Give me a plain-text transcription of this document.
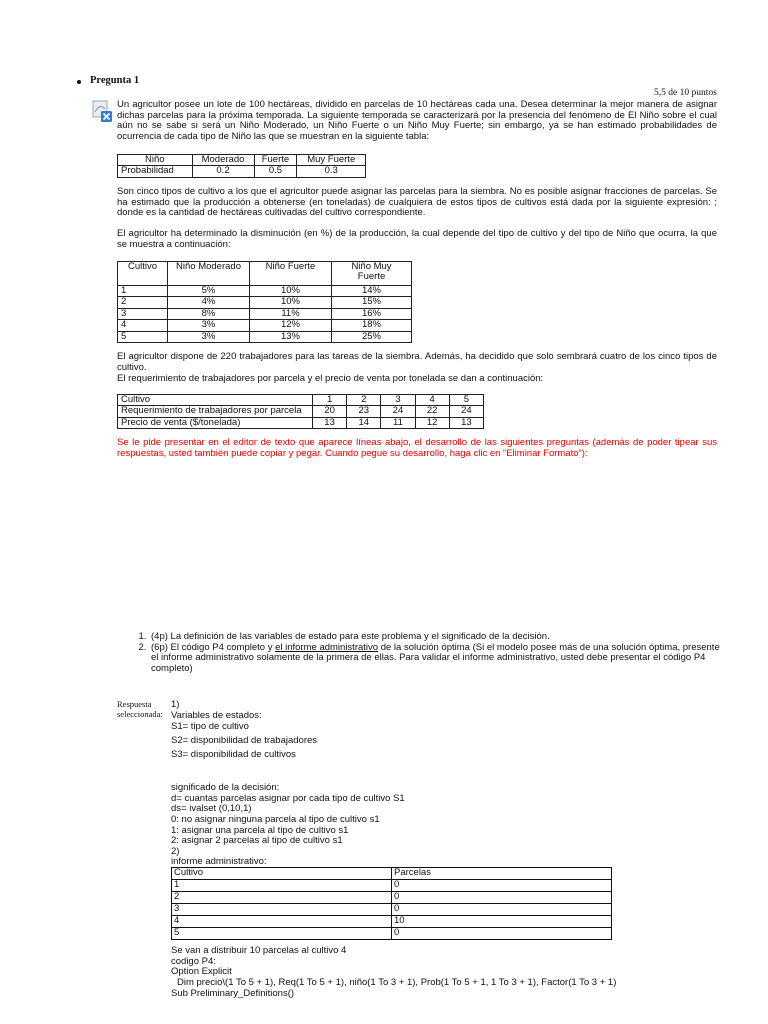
Pregunta 1
5,5 de 10 puntos

Un agricultor posee un lote de 100 hectáreas, dividido en parcelas de 10 hectáreas cada una. Desea determinar la mejor manera de asignar dichas parcelas para la próxima temporada. La siguiente temporada se caracterizará por la presencia del fenómeno de El Niño sobre el cual aún no se sabe si será un Niño Moderado, un Niño Fuerte o un Niño Muy Fuerte; sin embargo, ya se han estimado probabilidades de ocurrencia de cada tipo de Niño las que se muestran en la siguiente tabla:

Niño	Moderado	Fuerte	Muy Fuerte
Probabilidad	0.2	0.5	0.3

Son cinco tipos de cultivo a los que el agricultor puede asignar las parcelas para la siembra. No es posible asignar fracciones de parcelas. Se ha estimado que la producción a obtenerse (en toneladas) de cualquiera de estos tipos de cultivos está dada por la siguiente expresión: ; donde es la cantidad de hectáreas cultivadas del cultivo correspondiente.

El agricultor ha determinado la disminución (en %) de la producción, la cual depende del tipo de cultivo y del tipo de Niño que ocurra, la que se muestra a continuación:

Cultivo	Niño Moderado	Niño Fuerte	Niño Muy Fuerte
1	5%	10%	14%
2	4%	10%	15%
3	8%	11%	16%
4	3%	12%	18%
5	3%	13%	25%

El agricultor dispone de 220 trabajadores para las tareas de la siembra. Además, ha decidido que solo sembrará cuatro de los cinco tipos de cultivo.

El requerimiento de trabajadores por parcela y el precio de venta por tonelada se dan a continuación:

Cultivo	1	2	3	4	5
Requerimiento de trabajadores por parcela	20	23	24	22	24
Precio de venta ($/tonelada)	13	14	11	12	13

Se le pide presentar en el editor de texto que aparece líneas abajo, el desarrollo de las siguientes preguntas (además de poder tipear sus respuestas, usted también puede copiar y pegar. Cuando pegue su desarrollo, haga clic en “Eliminar Formato”):

1. (4p) La definición de las variables de estado para este problema y el significado de la decisión.
2. (6p) El código P4 completo y el informe administrativo de la solución óptima (Si el modelo posee más de una solución óptima, presente el informe administrativo solamente de la primera de ellas. Para validar el informe administrativo, usted debe presentar el código P4 completo)
Respuesta
seleccionada:
1)
Variables de estados:
S1= tipo de cultivo
S2= disponibilidad de trabajadores
S3= disponibilidad de cultivos
significado de la decisión:
d= cuantas parcelas asignar por cada tipo de cultivo S1
ds= ivalset (0,10,1)
0: no asignar ninguna parcela al tipo de cultivo s1
1: asignar una parcela al tipo de cultivo s1
2: asignar 2 parcelas al tipo de cultivo s1
2)
informe administrativo:
Cultivo	Parcelas
1	0
2	0
3	0
4	10
5	0
Se van a distribuir 10 parcelas al cultivo 4
codigo P4:
Option Explicit
Dim precio\(1 To 5 + 1), Req(1 To 5 + 1), niño(1 To 3 + 1), Prob(1 To 5 + 1, 1 To 3 + 1), Factor(1 To 3 + 1)
Sub Preliminary_Definitions()
